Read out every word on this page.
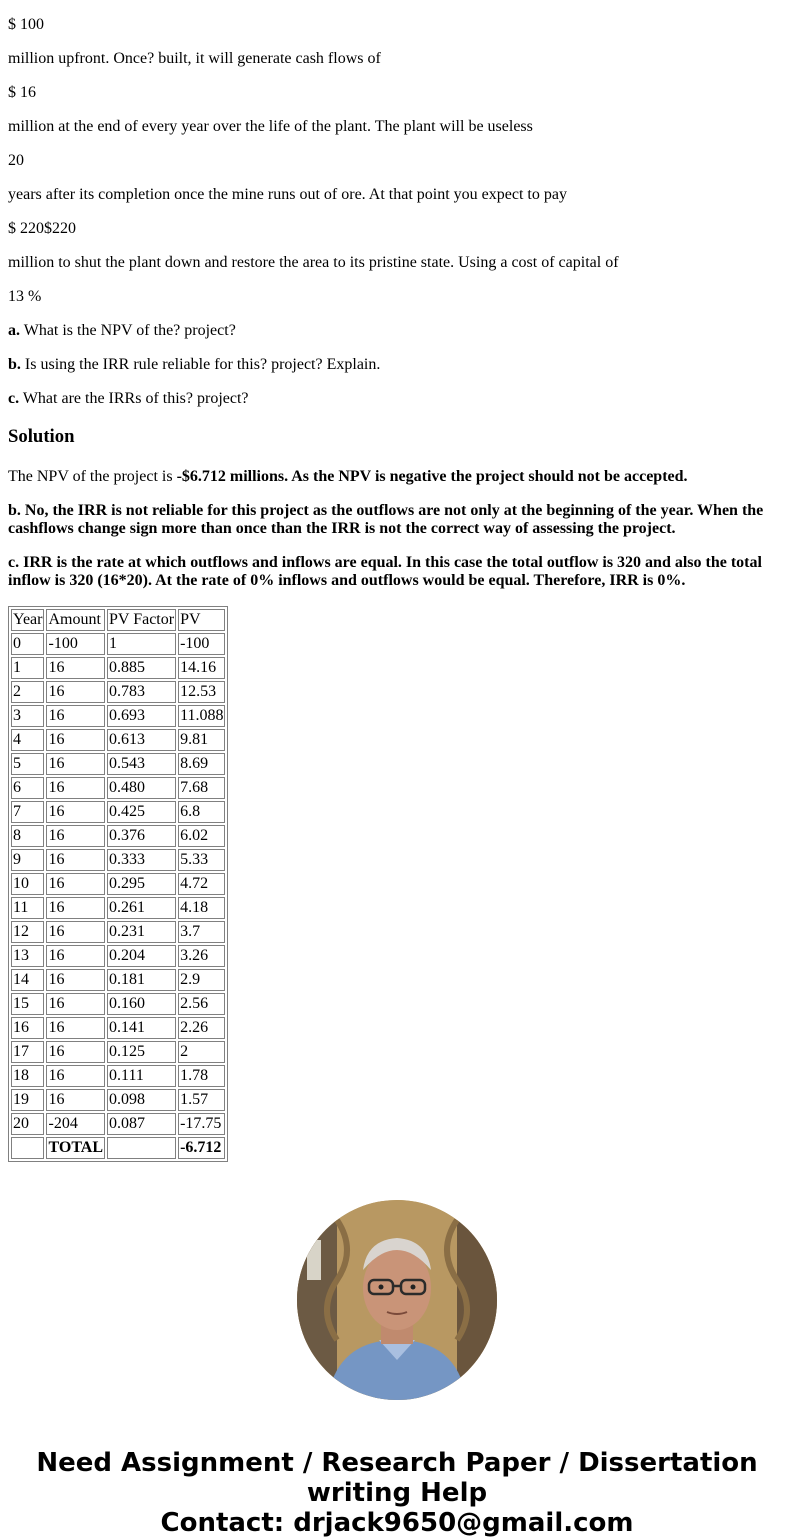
$ 100

million upfront. Once? built, it will generate cash flows of

$ 16

million at the end of every year over the life of the plant. The plant will be useless

20

years after its completion once the mine runs out of ore. At that point you expect to pay

$ 220$220

million to shut the plant down and restore the area to its pristine state. Using a cost of capital of

13 %

a. What is the NPV of the? project?

b. Is using the IRR rule reliable for this? project? Explain.

c. What are the IRRs of this? project?

Solution

The NPV of the project is -$6.712 millions. As the NPV is negative the project should not be accepted.

b. No, the IRR is not reliable for this project as the outflows are not only at the beginning of the year. When the cashflows change sign more than once than the IRR is not the correct way of assessing the project.

c. IRR is the rate at which outflows and inflows are equal. In this case the total outflow is 320 and also the total inflow is 320 (16*20). At the rate of 0% inflows and outflows would be equal. Therefore, IRR is 0%.

Year	Amount	PV Factor	PV
0	-100	1	-100
1	16	0.885	14.16
2	16	0.783	12.53
3	16	0.693	11.088
4	16	0.613	9.81
5	16	0.543	8.69
6	16	0.480	7.68
7	16	0.425	6.8
8	16	0.376	6.02
9	16	0.333	5.33
10	16	0.295	4.72
11	16	0.261	4.18
12	16	0.231	3.7
13	16	0.204	3.26
14	16	0.181	2.9
15	16	0.160	2.56
16	16	0.141	2.26
17	16	0.125	2
18	16	0.111	1.78
19	16	0.098	1.57
20	-204	0.087	-17.75
	TOTAL		-6.712
Need Assignment / Research Paper / Dissertation
writing Help
Contact: drjack9650@gmail.com
